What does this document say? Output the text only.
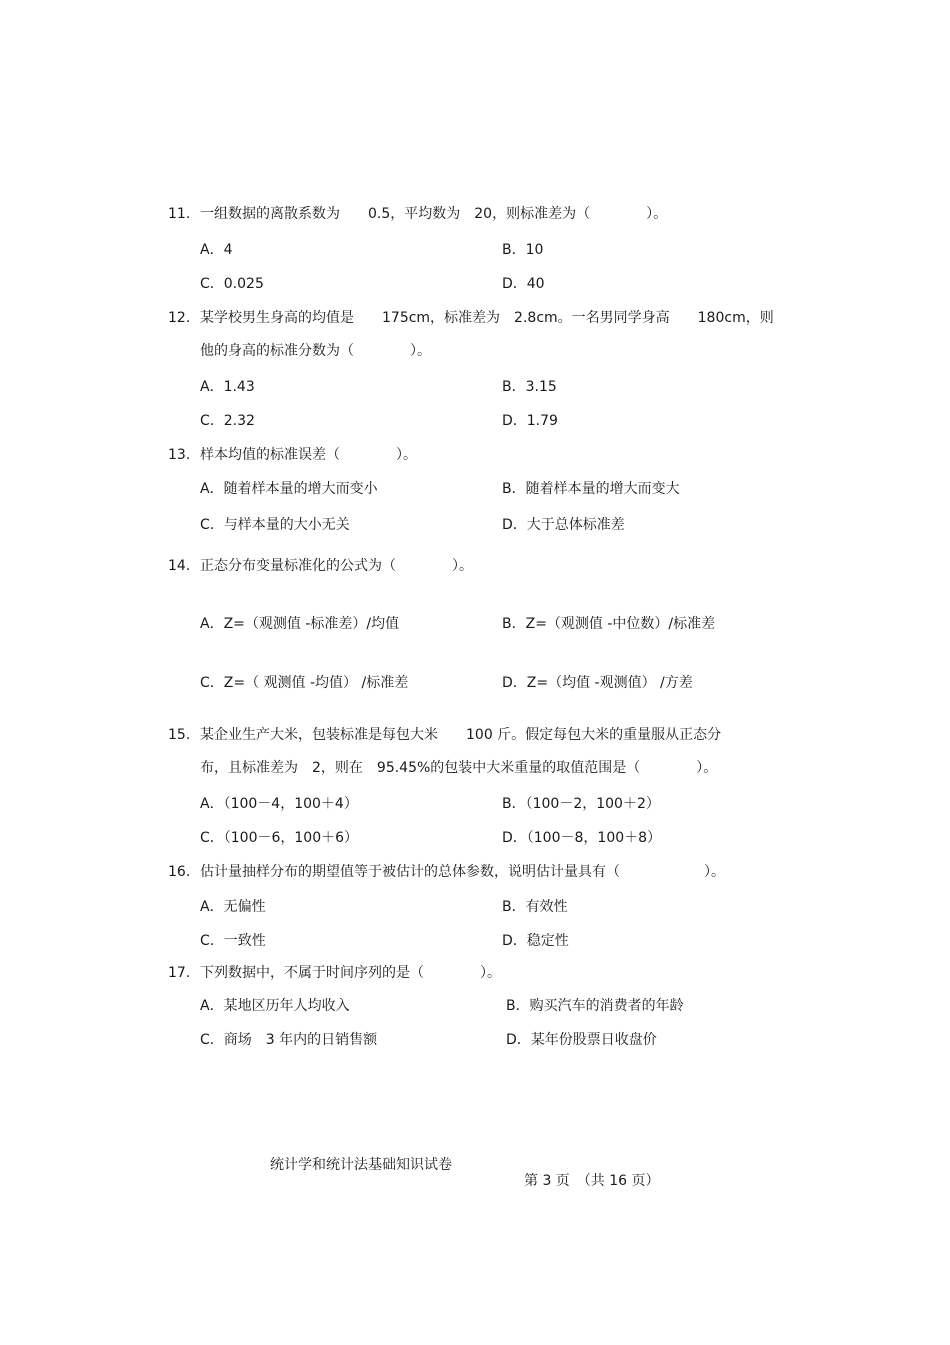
11. 一组数据的离散系数为　　0.5，平均数为　20，则标准差为（　　　　）。
A．4	B．10
C．0.025	D．40
12. 某学校男生身高的均值是　　175cm，标准差为　2.8cm。一名男同学身高　　180cm，则
他的身高的标准分数为（　　　　）。
A．1.43	B．3.15
C．2.32	D．1.79
13. 样本均值的标准误差（　　　　）。
A．随着样本量的增大而变小	B．随着样本量的增大而变大
C．与样本量的大小无关	D．大于总体标准差
14. 正态分布变量标准化的公式为（　　　　）。
A．Z=（观测值 -标准差）/均值	B．Z=（观测值 -中位数）/标准差
C．Z=（ 观测值 -均值） /标准差	D．Z=（均值 -观测值） /方差
15. 某企业生产大米，包装标准是每包大米　　100 斤。假定每包大米的重量服从正态分
布，且标准差为　2，则在　95.45%的包装中大米重量的取值范围是（　　　　）。
A．（100－4，100＋4）	B．（100－2，100＋2）
C．（100－6，100＋6）	D．（100－8，100＋8）
16. 估计量抽样分布的期望值等于被估计的总体参数，说明估计量具有（　　　　　　）。
A．无偏性	B．有效性
C．一致性	D．稳定性
17. 下列数据中，不属于时间序列的是（　　　　）。
A．某地区历年人均收入	B．购买汽车的消费者的年龄
C．商场　3 年内的日销售额	D．某年份股票日收盘价

统计学和统计法基础知识试卷

第 3 页　（共 16 页）
